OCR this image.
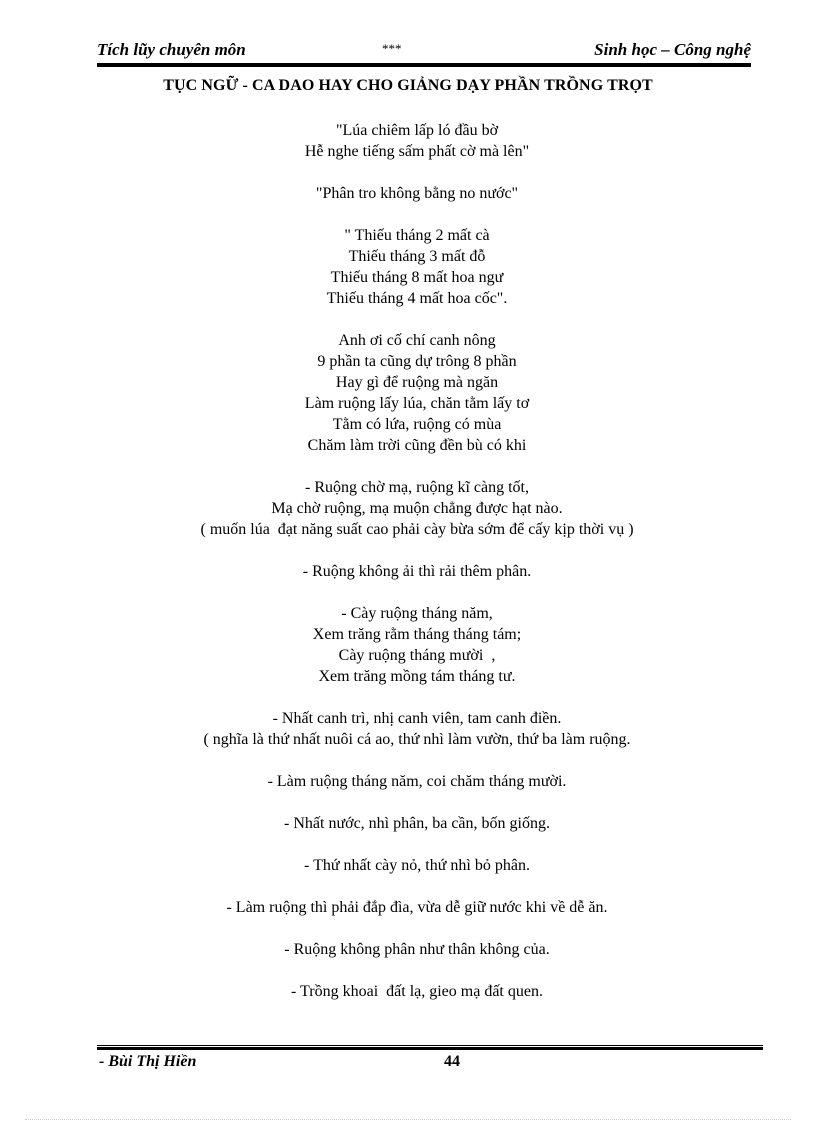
Tích lũy chuyên môn	***	Sinh học – Công nghệ
TỤC NGỮ - CA DAO HAY CHO GIẢNG DẠY PHẦN TRỒNG TRỌT
"Lúa chiêm lấp ló đầu bờ
Hễ nghe tiếng sấm phất cờ mà lên"
"Phân tro không bằng no nước"
" Thiếu tháng 2 mất cà
Thiếu tháng 3 mất đỗ
Thiếu tháng 8 mất hoa ngư
Thiếu tháng 4 mất hoa cốc".
Anh ơi cố chí canh nông
9 phần ta cũng dự trông 8 phần
Hay gì để ruộng mà ngăn
Làm ruộng lấy lúa, chăn tằm lấy tơ
Tằm có lứa, ruộng có mùa
Chăm làm trời cũng đền bù có khi
- Ruộng chờ mạ, ruộng kĩ càng tốt,
Mạ chờ ruộng, mạ muộn chẳng được hạt nào.
( muốn lúa  đạt năng suất cao phải cày bừa sớm để cấy kịp thời vụ )
- Ruộng không ải thì rải thêm phân.
- Cày ruộng tháng năm,
Xem trăng rằm tháng tháng tám;
Cày ruộng tháng mười  ,
Xem trăng mồng tám tháng tư.
- Nhất canh trì, nhị canh viên, tam canh điền.
( nghĩa là thứ nhất nuôi cá ao, thứ nhì làm vườn, thứ ba làm ruộng.
- Làm ruộng tháng năm, coi chăm tháng mười.
- Nhất nước, nhì phân, ba cần, bốn giống.
- Thứ nhất cày nỏ, thứ nhì bỏ phân.
- Làm ruộng thì phải đắp đìa, vừa dễ giữ nước khi về dễ ăn.
- Ruộng không phân như thân không của.
- Trồng khoai  đất lạ, gieo mạ đất quen.
- Bùi Thị Hiền	44
